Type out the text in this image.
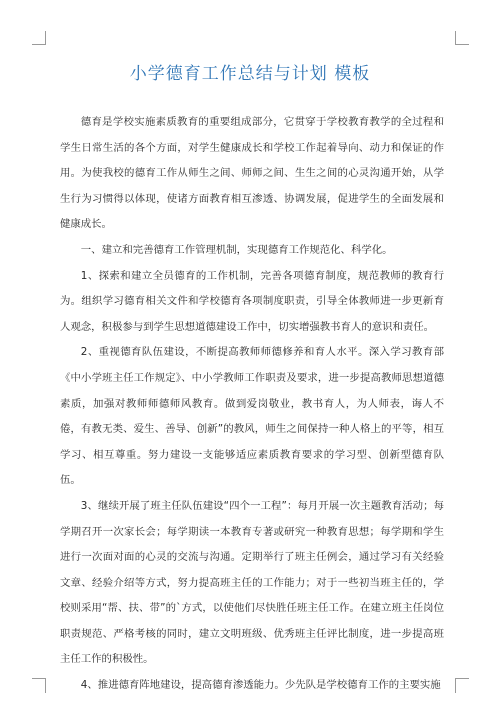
小学德育工作总结与计划 模板

德育是学校实施素质教育的重要组成部分，它贯穿于学校教育教学的全过程和学生日常生活的各个方面，对学生健康成长和学校工作起着导向、动力和保证的作用。为使我校的德育工作从师生之间、师师之间、生生之间的心灵沟通开始，从学生行为习惯得以体现，使诸方面教育相互渗透、协调发展，促进学生的全面发展和健康成长。

一、建立和完善德育工作管理机制，实现德育工作规范化、科学化。

1、探索和建立全员德育的工作机制，完善各项德育制度，规范教师的教育行为。组织学习德育相关文件和学校德育各项制度职责，引导全体教师进一步更新育人观念，积极参与到学生思想道德建设工作中，切实增强教书育人的意识和责任。

2、重视德育队伍建设，不断提高教师师德修养和育人水平。深入学习教育部《中小学班主任工作规定》、中小学教师工作职责及要求，进一步提高教师思想道德素质，加强对教师师德师风教育。做到爱岗敬业，教书育人，为人师表，诲人不倦，有教无类、爱生、善导、创新”的教风，师生之间保持一种人格上的平等，相互学习、相互尊重。努力建设一支能够适应素质教育要求的学习型、创新型德育队伍。

3、继续开展了班主任队伍建设“四个一工程”：每月开展一次主题教育活动；每学期召开一次家长会；每学期读一本教育专著或研究一种教育思想；每学期和学生进行一次面对面的心灵的交流与沟通。定期举行了班主任例会，通过学习有关经验文章、经验介绍等方式，努力提高班主任的工作能力；对于一些初当班主任的，学校则采用“帮、扶、带”的`方式，以使他们尽快胜任班主任工作。在建立班主任岗位职责规范、严格考核的同时，建立文明班级、优秀班主任评比制度，进一步提高班主任工作的积极性。

4、推进德育阵地建设，提高德育渗透能力。少先队是学校德育工作的主要实施
